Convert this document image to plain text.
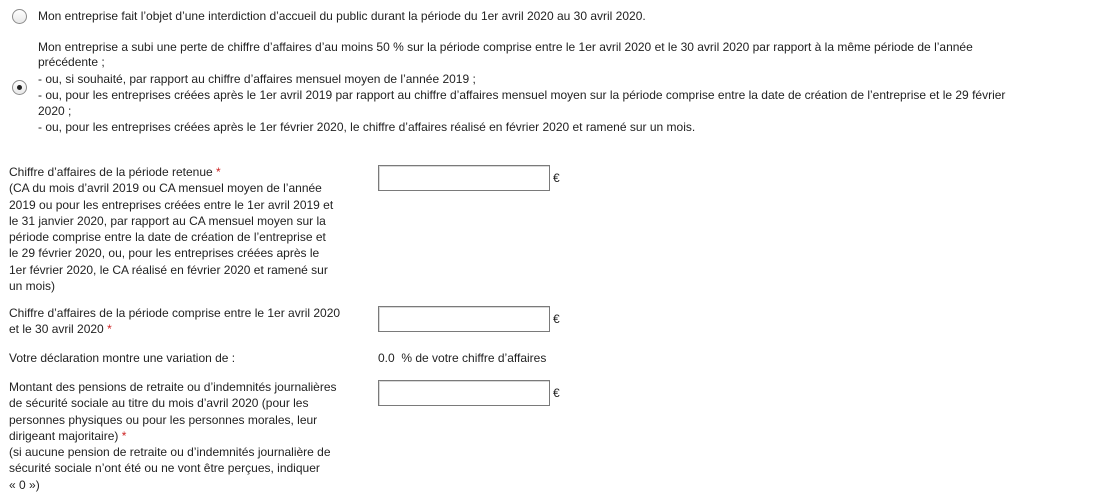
Mon entreprise fait l’objet d’une interdiction d’accueil du public durant la période du 1er avril 2020 au 30 avril 2020.
Mon entreprise a subi une perte de chiffre d’affaires d’au moins 50 % sur la période comprise entre le 1er avril 2020 et le 30 avril 2020 par rapport à la même période de l’année
précédente ;
- ou, si souhaité, par rapport au chiffre d’affaires mensuel moyen de l’année 2019 ;
- ou, pour les entreprises créées après le 1er avril 2019 par rapport au chiffre d’affaires mensuel moyen sur la période comprise entre la date de création de l’entreprise et le 29 février
2020 ;
- ou, pour les entreprises créées après le 1er février 2020, le chiffre d’affaires réalisé en février 2020 et ramené sur un mois.
Chiffre d’affaires de la période retenue *
(CA du mois d’avril 2019 ou CA mensuel moyen de l’année
2019 ou pour les entreprises créées entre le 1er avril 2019 et
le 31 janvier 2020, par rapport au CA mensuel moyen sur la
période comprise entre la date de création de l’entreprise et
le 29 février 2020, ou, pour les entreprises créées après le
1er février 2020, le CA réalisé en février 2020 et ramené sur
un mois)
€
Chiffre d’affaires de la période comprise entre le 1er avril 2020
et le 30 avril 2020 *
€
Votre déclaration montre une variation de :	0.0 % de votre chiffre d’affaires
Montant des pensions de retraite ou d’indemnités journalières
de sécurité sociale au titre du mois d’avril 2020 (pour les
personnes physiques ou pour les personnes morales, leur
dirigeant majoritaire) *
(si aucune pension de retraite ou d’indemnités journalière de
sécurité sociale n’ont été ou ne vont être perçues, indiquer
« 0 »)
€
